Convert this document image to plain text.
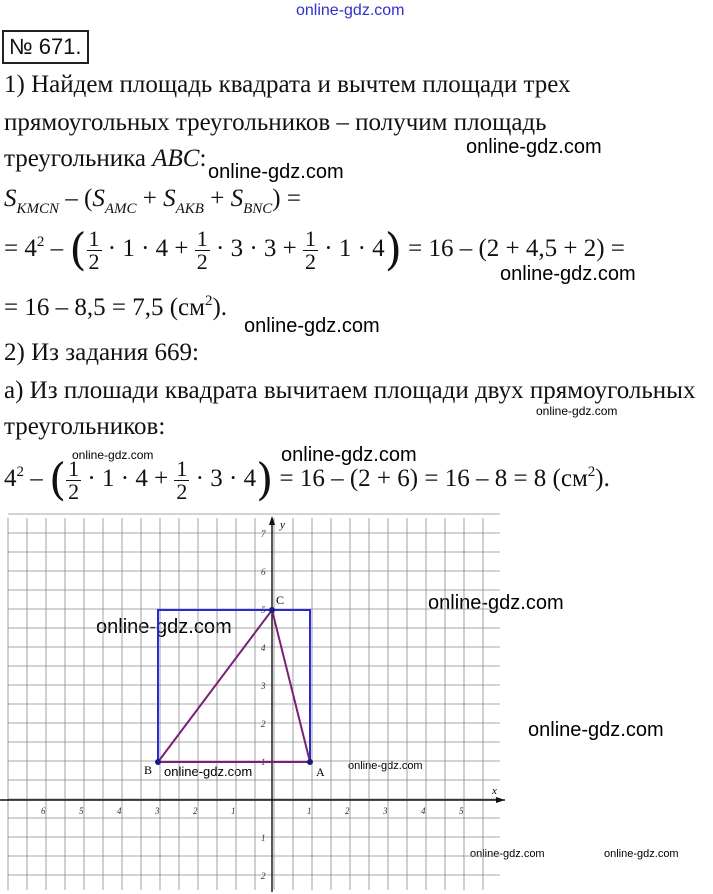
online-gdz.com
online-gdz.com
online-gdz.com
online-gdz.com
online-gdz.com
online-gdz.com
online-gdz.com
online-gdz.com
online-gdz.com
online-gdz.com
online-gdz.com
online-gdz.com	online-gdz.com
online-gdz.com	online-gdz.com
№ 671.
1) Найдем площадь квадрата и вычтем площади трех
прямоугольных треугольников – получим площадь
треугольника ABC:
$S_{KMCN} - (S_{AMC} + S_{AKB} + S_{BNC})$ =
= $4^2$ – ( $\frac{1}{2} \cdot 1 \cdot 4 + \frac{1}{2} \cdot 3 \cdot 3 + \frac{1}{2} \cdot 1 \cdot 4) = 16 - (2 + 4,5 + 2)$ =
= 16 – 8,5 = 7,5 $(см^2)$.
2) Из задания 669:
а) Из плошади квадрата вычитаем площади двух прямоугольных
треугольников:
$4^2$ – ( $\frac{1}{2} \cdot 1 \cdot 4 + \frac{1}{2} \cdot 3 \cdot 4) = 16 - (2 + 6) = 16 - 8 = 8$ $(см^2)$.
x
y
6	5	4	3	2	1	1	2	3	4	5
7
6
5
4
3
2
1
1
2
B	A
C
